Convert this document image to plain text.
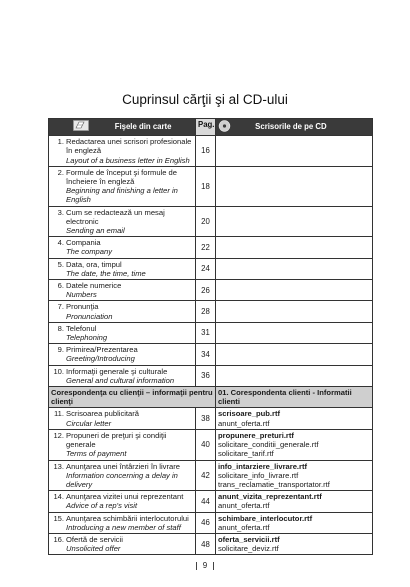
Cuprinsul cărţii şi al CD-ului
Fişele din carte	Pag.	Scrisorile de pe CD

1. Redactarea unei scrisori profesionale
în engleză
Layout of a business letter in English	16	

2. Formule de început şi formule de
încheiere în engleză
Beginning and finishing a letter in
English	18	

3. Cum se redactează un mesaj
electronic
Sending an email	20	

4. Compania
The company	22	

5. Data, ora, timpul
The date, the time, time	24	

6. Datele numerice
Numbers	26	

7. Pronunţia
Pronunciation	28	

8. Telefonul
Telephoning	31	

9. Primirea/Prezentarea
Greeting/Introducing	34	

10. Informaţii generale şi culturale
General and cultural information	36	
Corespondenţa cu clienţii – informaţii pentru clienţi		01. Corespondenta clienti - Informatii clienti

11. Scrisoarea publicitară
Circular letter	38	scrisoare_pub.rtf
anunt_oferta.rtf

12. Propuneri de preţuri şi condiţii
generale
Terms of payment	40	propunere_preturi.rtf
solicitare_conditii_generale.rtf
solicitare_tarif.rtf

13. Anunţarea unei întârzieri în livrare
Information concerning a delay in
delivery	42	info_intarziere_livrare.rtf
solicitare_info_livrare.rtf
trans_reclamatie_transportator.rtf

14. Anunţarea vizitei unui reprezentant
Advice of a rep's visit	44	anunt_vizita_reprezentant.rtf
anunt_oferta.rtf

15. Anunţarea schimbării interlocutorului
Introducing a new member of staff	46	schimbare_interlocutor.rtf
anunt_oferta.rtf

16. Ofertă de servicii
Unsolicited offer	48	oferta_servicii.rtf
solicitare_deviz.rtf
9
